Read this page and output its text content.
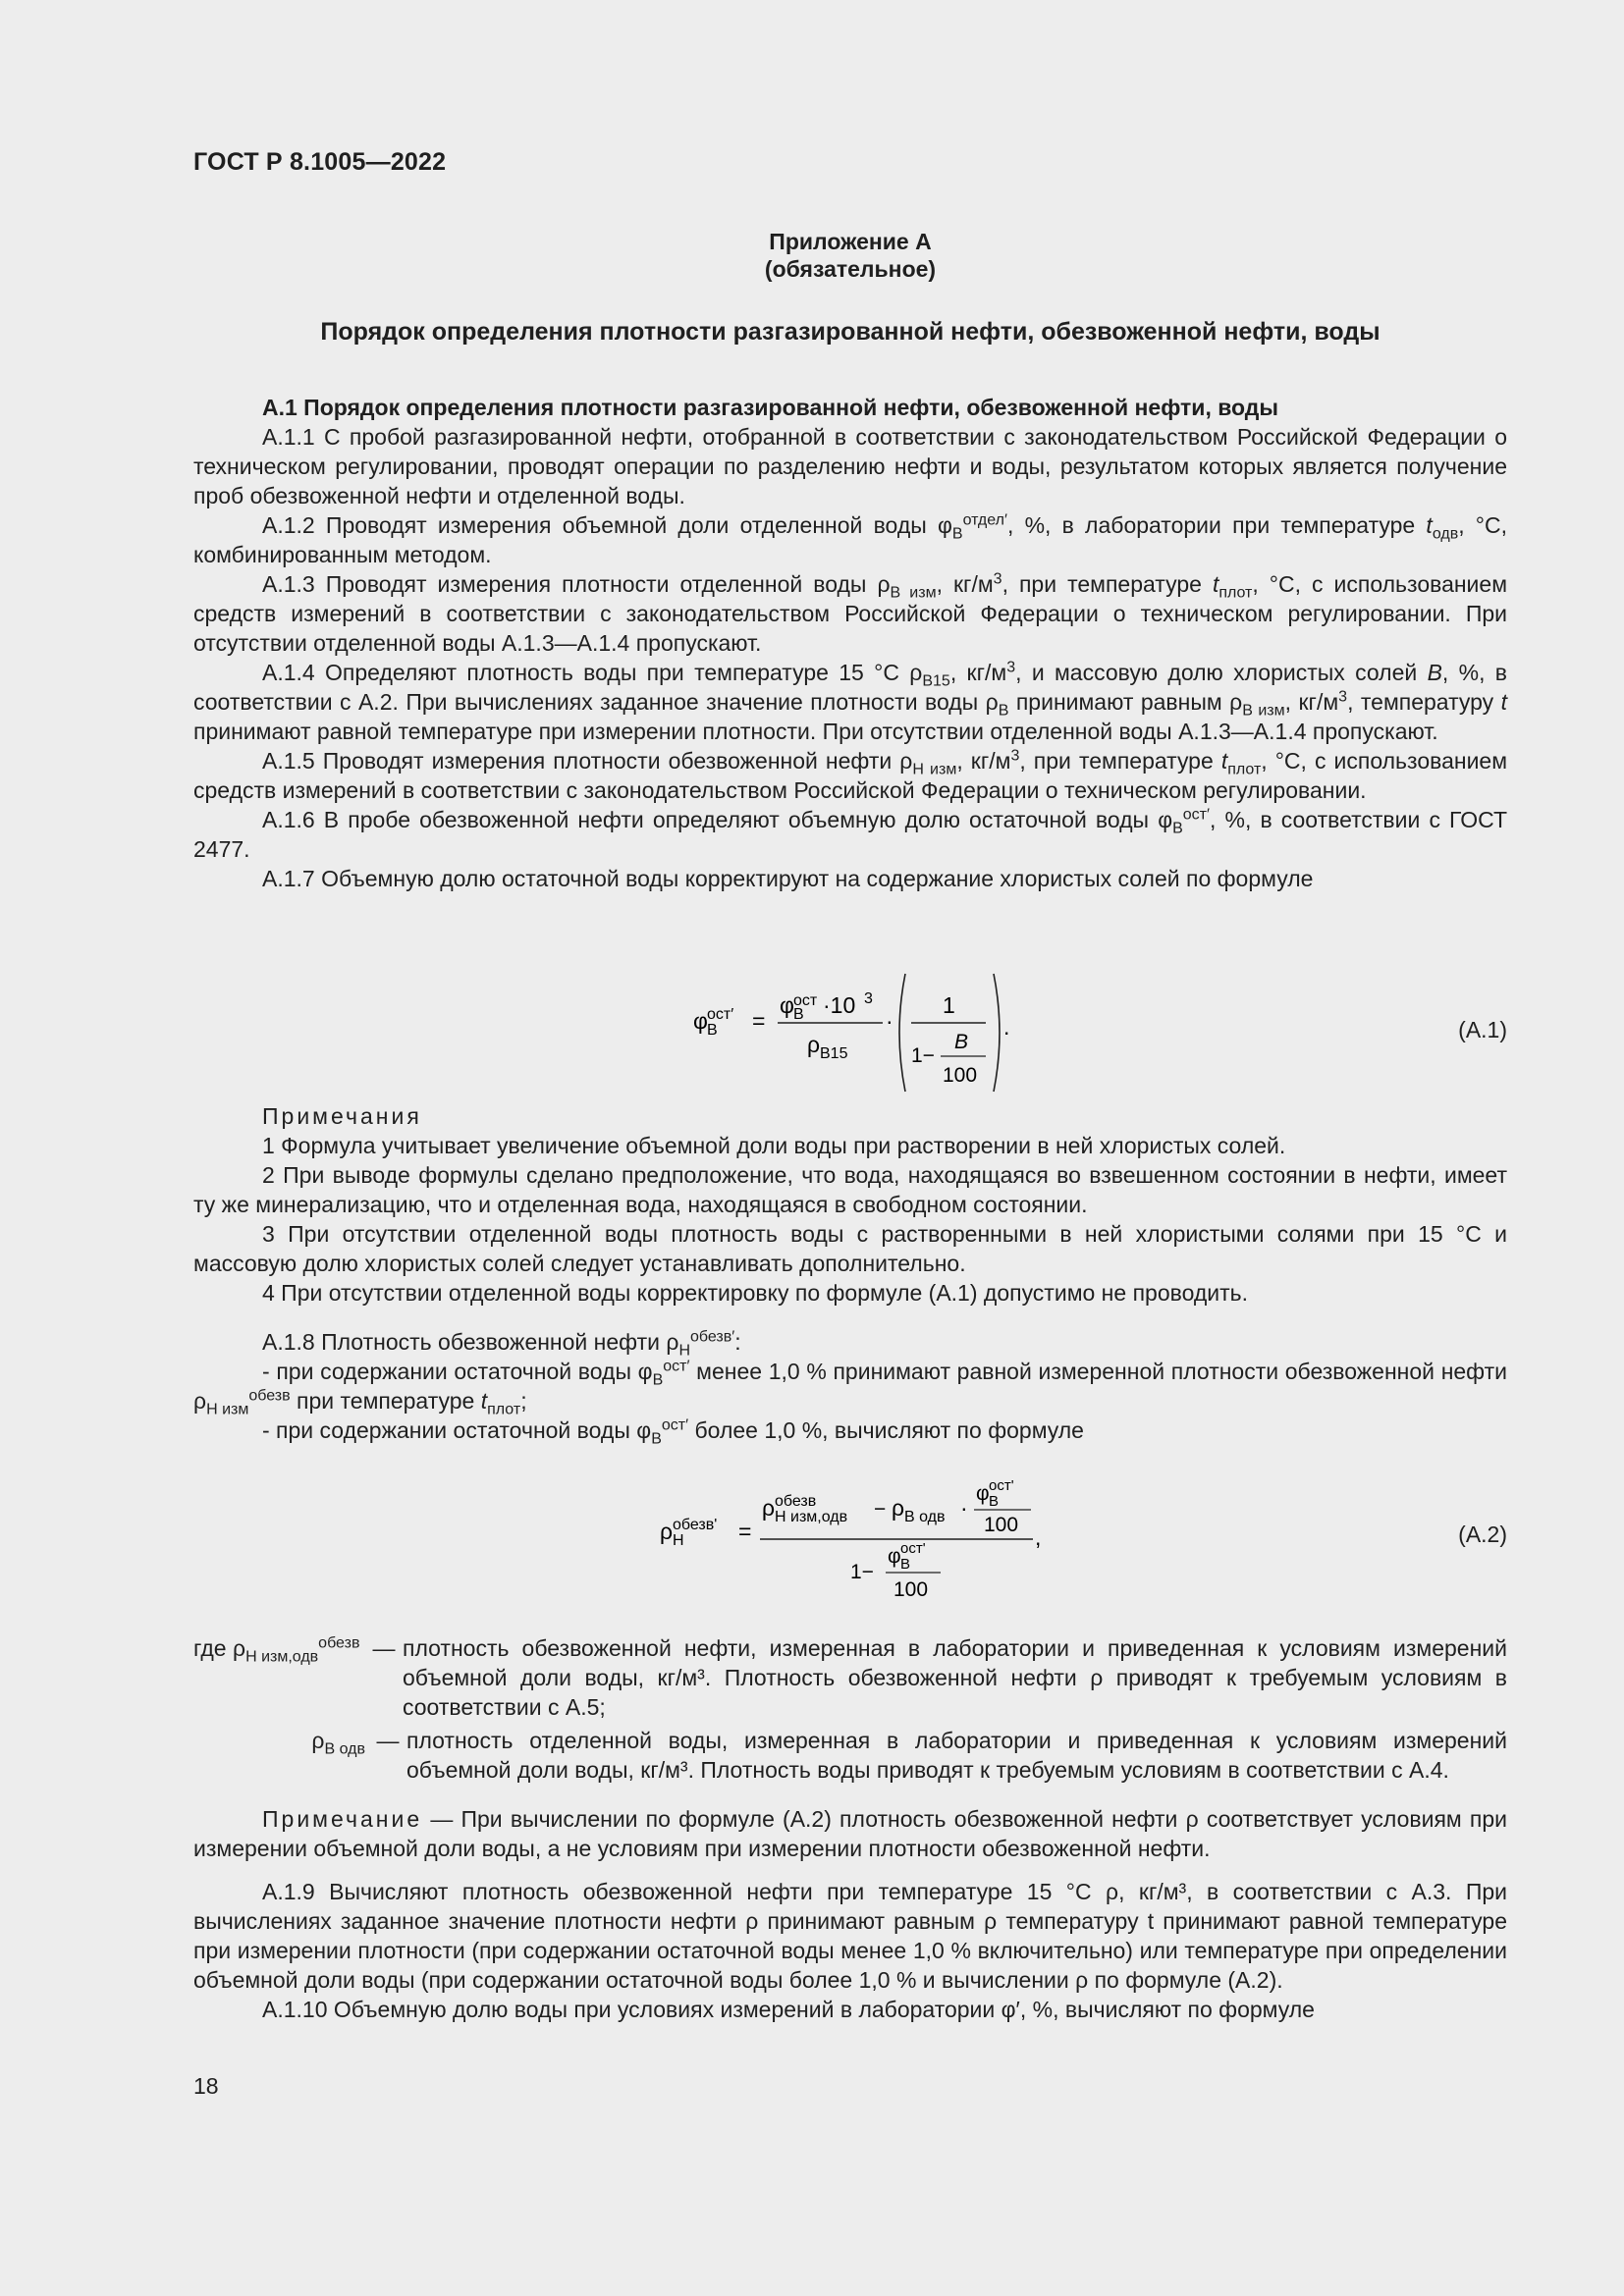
ГОСТ Р 8.1005—2022
Приложение А
(обязательное)
Порядок определения плотности разгазированной нефти, обезвоженной нефти, воды

А.1 Порядок определения плотности разгазированной нефти, обезвоженной нефти, воды

А.1.1 С пробой разгазированной нефти, отобранной в соответствии с законодательством Российской Федерации о техническом регулировании, проводят операции по разделению нефти и воды, результатом которых является получение проб обезвоженной нефти и отделенной воды.

А.1.2 Проводят измерения объемной доли отделенной воды $\varphi_В^{отдел'}$, %, в лаборатории при температуре $t_{одв}$, °С, комбинированным методом.

А.1.3 Проводят измерения плотности отделенной воды $\rho_{В изм}$, $кг/м^3$, при температуре $t_{плот}$, °С, с использованием средств измерений в соответствии с законодательством Российской Федерации о техническом регулировании. При отсутствии отделенной воды А.1.3—А.1.4 пропускают.

А.1.4 Определяют плотность воды при температуре 15 °С $\rho_{В15}$, $кг/м^3$, и массовую долю хлористых солей B, %, в соответствии с А.2. При вычислениях заданное значение плотности воды $\rho_В$ принимают равным $\rho_{В изм}$, $кг/м^3$, температуру t принимают равной температуре при измерении плотности. При отсутствии отделенной воды А.1.3—А.1.4 пропускают.

А.1.5 Проводят измерения плотности обезвоженной нефти $\rho_{Н изм}$, $кг/м^3$, при температуре $t_{плот}$, °С, с использованием средств измерений в соответствии с законодательством Российской Федерации о техническом регулировании.

А.1.6 В пробе обезвоженной нефти определяют объемную долю остаточной воды $\varphi_В^{ост'}$, %, в соответствии с ГОСТ 2477.

А.1.7 Объемную долю остаточной воды корректируют на содержание хлористых солей по формуле

φ В
ост′ =
φ В
ост ·10 3
ρ В15
·
1
1−
B
100
.	(А.1)

Примечания

1 Формула учитывает увеличение объемной доли воды при растворении в ней хлористых солей.

2 При выводе формулы сделано предположение, что вода, находящаяся во взвешенном состоянии в нефти, имеет ту же минерализацию, что и отделенная вода, находящаяся в свободном состоянии.

3 При отсутствии отделенной воды плотность воды с растворенными в ней хлористыми солями при 15 °С и массовую долю хлористых солей следует устанавливать дополнительно.

4 При отсутствии отделенной воды корректировку по формуле (А.1) допустимо не проводить.

А.1.8 Плотность обезвоженной нефти $\rho_Н^{обезв'}$:

- при содержании остаточной воды $\varphi_В^{ост'}$ менее 1,0 % принимают равной измеренной плотности обезвоженной нефти $\rho_{Н изм}^{обезв}$ при температуре $t_{плот}$;

- при содержании остаточной воды $\varphi_В^{ост'}$ более 1,0 %, вычисляют по формуле

ρ Н
обезв' =
ρ Н изм,одв
обезв	− ρ В одв ·
φ В
ост'
100 ,
1−
φ В
ост'
100
(А.2)
где $\rho_{Н изм,одв}^{обезв}$ — плотность обезвоженной нефти, измеренная в лаборатории и приведенная к условиям измерений объемной доли воды, кг/м³. Плотность обезвоженной нефти ρ приводят к требуемым условиям в соответствии с А.5;
$\rho_{В одв}$ — плотность отделенной воды, измеренная в лаборатории и приведенная к условиям измерений объемной доли воды, кг/м³. Плотность воды приводят к требуемым условиям в соответствии с А.4.

Примечание — При вычислении по формуле (А.2) плотность обезвоженной нефти ρ соответствует условиям при измерении объемной доли воды, а не условиям при измерении плотности обезвоженной нефти.

А.1.9 Вычисляют плотность обезвоженной нефти при температуре 15 °С ρ, кг/м³, в соответствии с А.3. При вычислениях заданное значение плотности нефти ρ принимают равным ρ температуру t принимают равной температуре при измерении плотности (при содержании остаточной воды менее 1,0 % включительно) или температуре при определении объемной доли воды (при содержании остаточной воды более 1,0 % и вычислении ρ по формуле (А.2).

А.1.10 Объемную долю воды при условиях измерений в лаборатории φ′, %, вычисляют по формуле

18
